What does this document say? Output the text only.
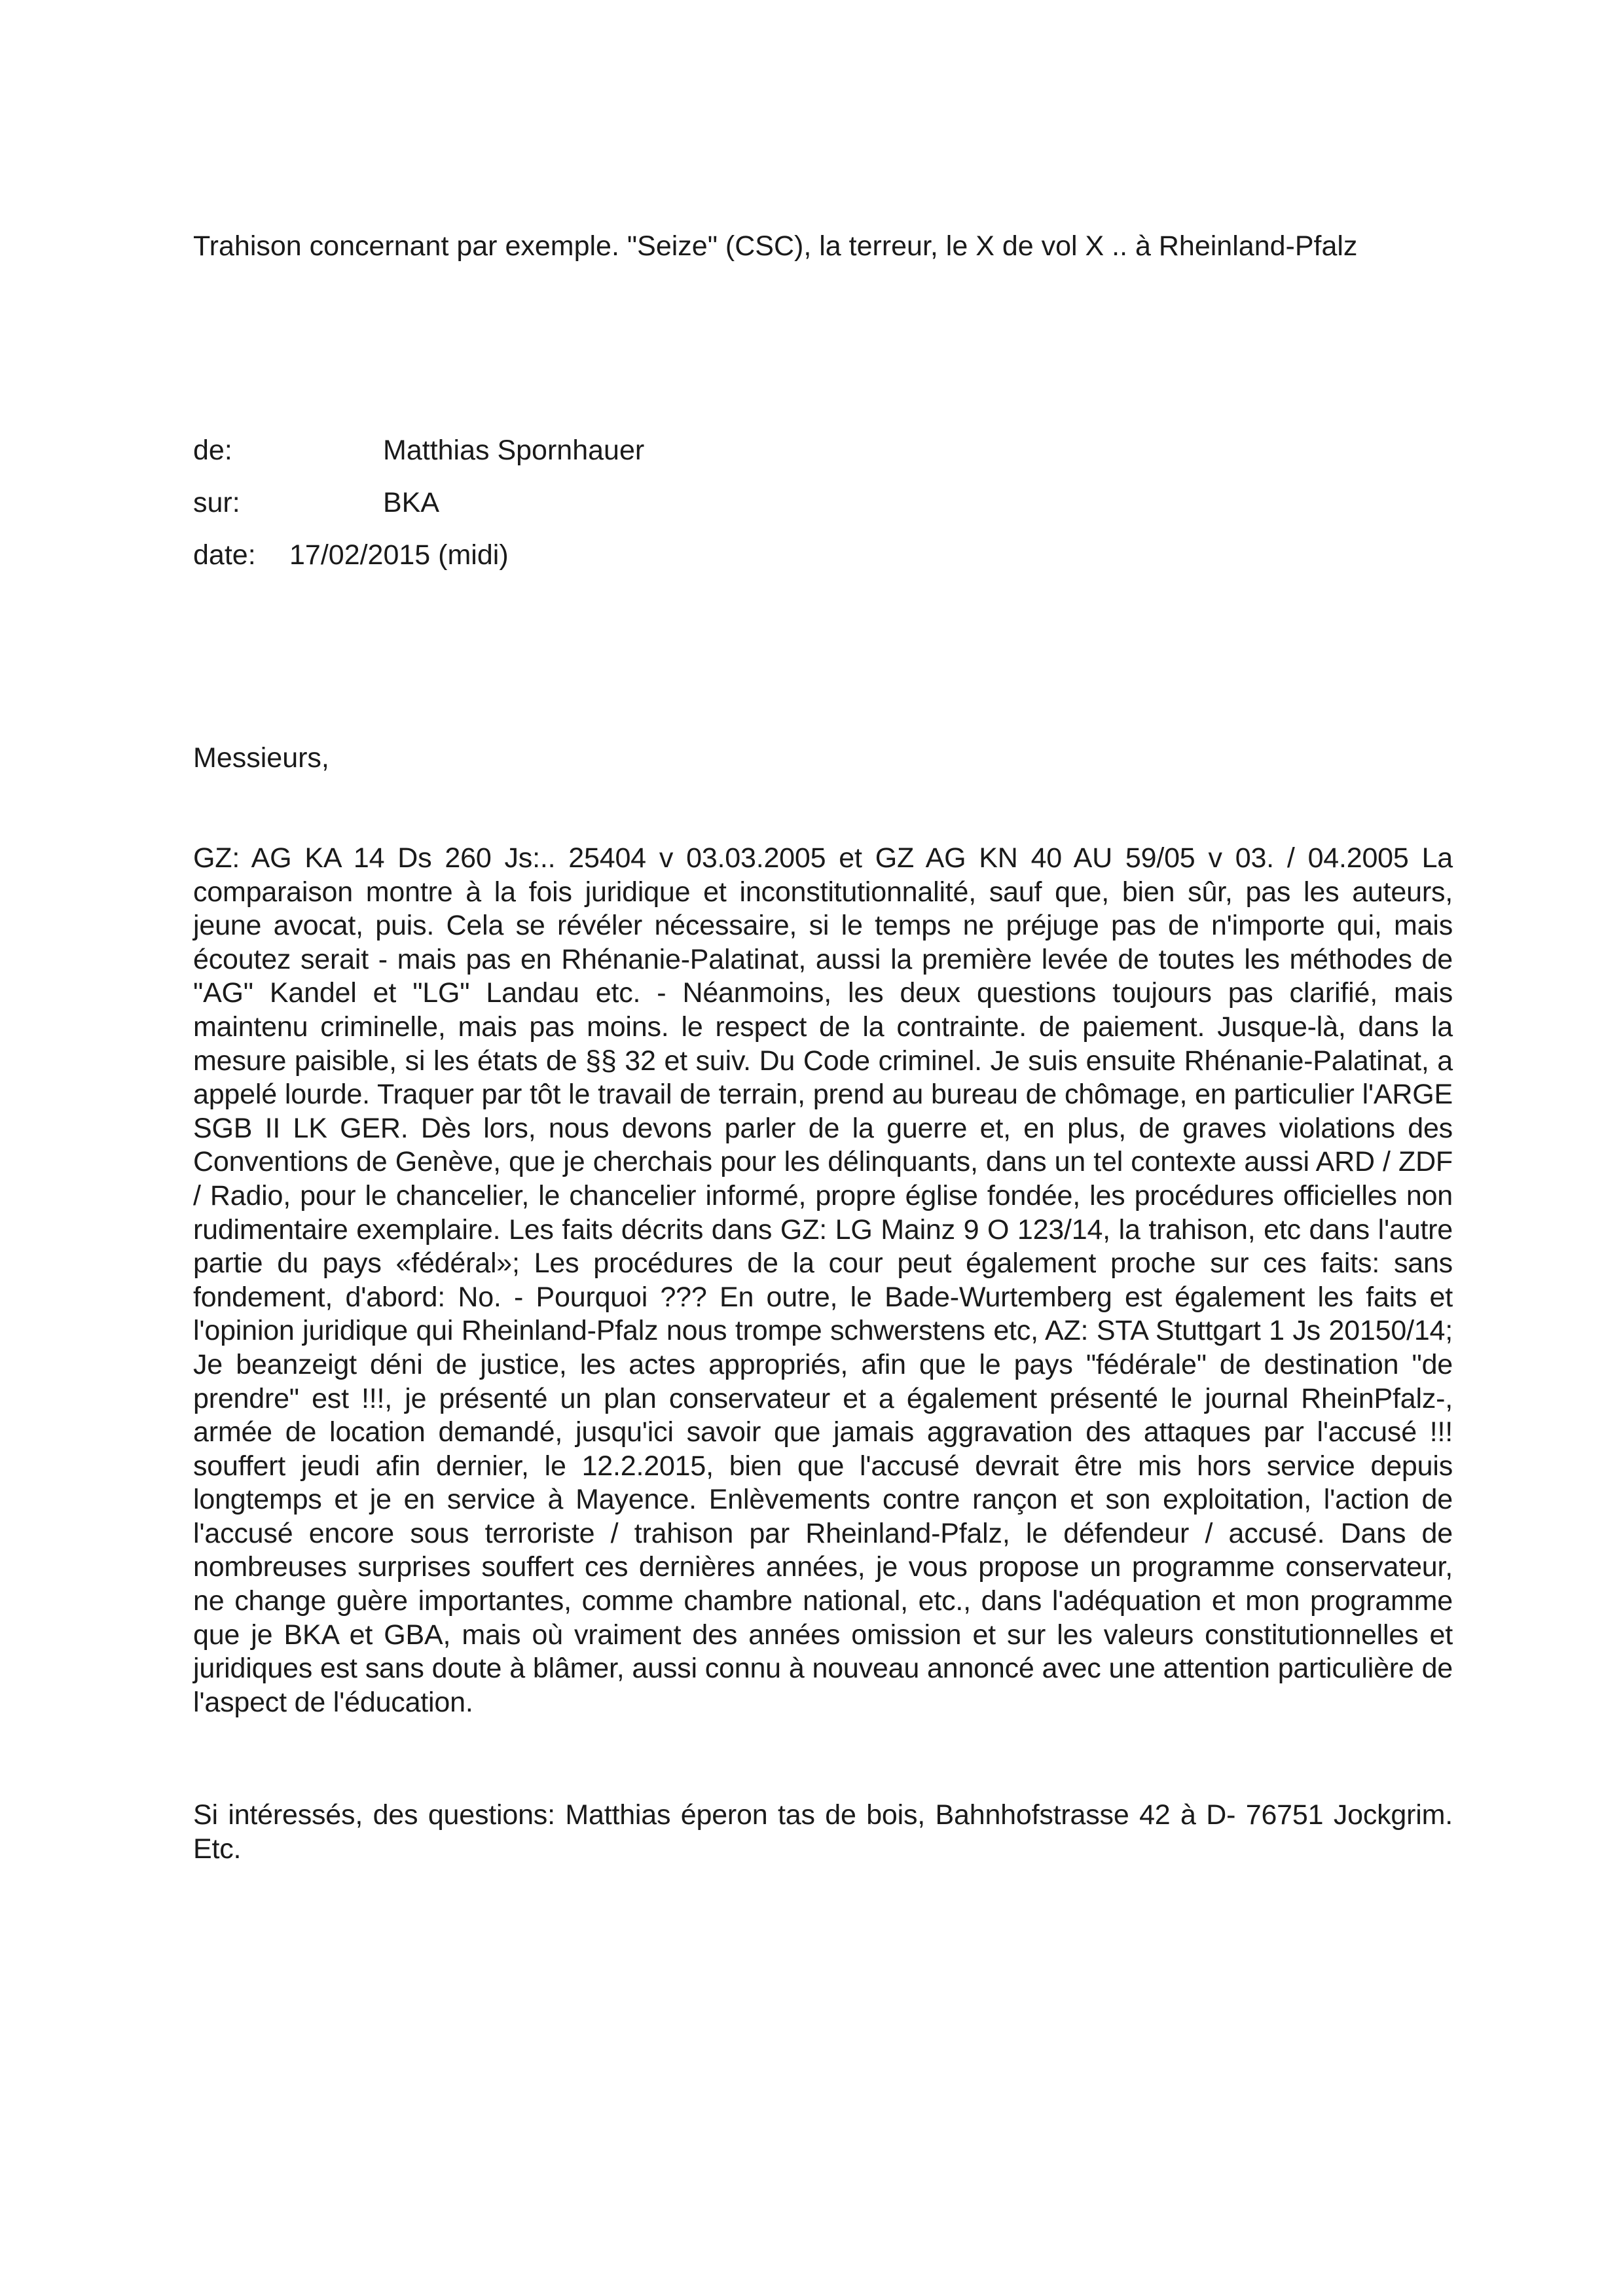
Trahison concernant par exemple. "Seize" (CSC), la terreur, le X de vol X .. à Rheinland-Pfalz
de:	Matthias Spornhauer
sur:	BKA
date: 17/02/2015 (midi)
Messieurs,

GZ: AG KA 14 Ds 260 Js:.. 25404 v 03.03.2005 et GZ AG KN 40 AU 59/05 v 03. / 04.2005 La comparaison montre à la fois juridique et inconstitutionnalité, sauf que, bien sûr, pas les auteurs, jeune avocat, puis. Cela se révéler nécessaire, si le temps ne préjuge pas de n'importe qui, mais écoutez serait - mais pas en Rhénanie-Palatinat, aussi la première levée de toutes les méthodes de "AG" Kandel et "LG" Landau etc. - Néanmoins, les deux questions toujours pas clarifié, mais maintenu criminelle, mais pas moins. le respect de la contrainte. de paiement. Jusque-là, dans la mesure paisible, si les états de §§ 32 et suiv. Du Code criminel. Je suis ensuite Rhénanie-Palatinat, a appelé lourde. Traquer par tôt le travail de terrain, prend au bureau de chômage, en particulier l'ARGE SGB II LK GER. Dès lors, nous devons parler de la guerre et, en plus, de graves violations des Conventions de Genève, que je cherchais pour les délinquants, dans un tel contexte aussi ARD / ZDF / Radio, pour le chancelier, le chancelier informé, propre église fondée, les procédures officielles non rudimentaire exemplaire. Les faits décrits dans GZ: LG Mainz 9 O 123/14, la trahison, etc dans l'autre partie du pays «fédéral»; Les procédures de la cour peut également proche sur ces faits: sans fondement, d'abord: No. - Pourquoi ??? En outre, le Bade-Wurtemberg est également les faits et l'opinion juridique qui Rheinland-Pfalz nous trompe schwerstens etc, AZ: STA Stuttgart 1 Js 20150/14; Je beanzeigt déni de justice, les actes appropriés, afin que le pays "fédérale" de destination "de prendre" est !!!, je présenté un plan conservateur et a également présenté le journal RheinPfalz-, armée de location demandé, jusqu'ici savoir que jamais aggravation des attaques par l'accusé !!! souffert jeudi afin dernier, le 12.2.2015, bien que l'accusé devrait être mis hors service depuis longtemps et je en service à Mayence. Enlèvements contre rançon et son exploitation, l'action de l'accusé encore sous terroriste / trahison par Rheinland-Pfalz, le défendeur / accusé. Dans de nombreuses surprises souffert ces dernières années, je vous propose un programme conservateur, ne change guère importantes, comme chambre national, etc., dans l'adéquation et mon programme que je BKA et GBA, mais où vraiment des années omission et sur les valeurs constitutionnelles et juridiques est sans doute à blâmer, aussi connu à nouveau annoncé avec une attention particulière de l'aspect de l'éducation.

Si intéressés, des questions: Matthias éperon tas de bois, Bahnhofstrasse 42 à D- 76751 Jockgrim. Etc.
